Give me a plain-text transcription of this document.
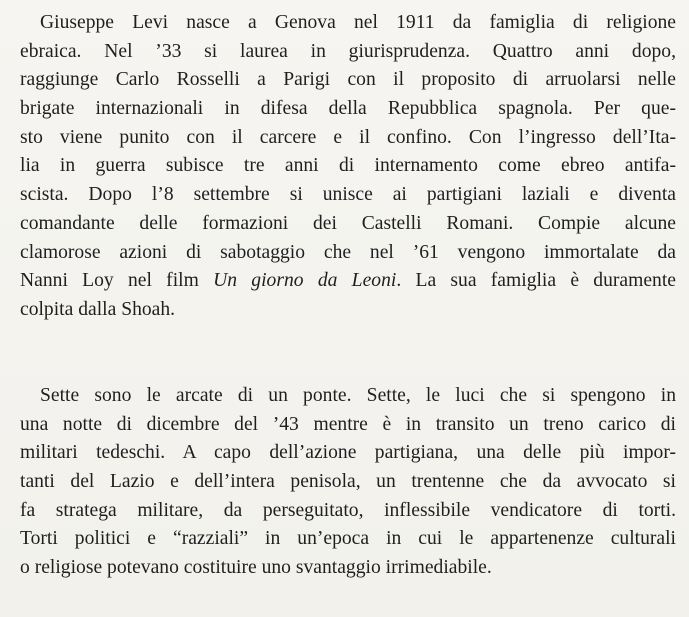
Giuseppe Levi nasce a Genova nel 1911 da famiglia di religione
ebraica. Nel ’33 si laurea in giurisprudenza. Quattro anni dopo,
raggiunge Carlo Rosselli a Parigi con il proposito di arruolarsi nelle
brigate internazionali in difesa della Repubblica spagnola. Per que-
sto viene punito con il carcere e il confino. Con l’ingresso dell’Ita-
lia in guerra subisce tre anni di internamento come ebreo antifa-
scista. Dopo l’8 settembre si unisce ai partigiani laziali e diventa
comandante delle formazioni dei Castelli Romani. Compie alcune
clamorose azioni di sabotaggio che nel ’61 vengono immortalate da
Nanni Loy nel film Un giorno da Leoni. La sua famiglia è duramente
colpita dalla Shoah.
Sette sono le arcate di un ponte. Sette, le luci che si spengono in
una notte di dicembre del ’43 mentre è in transito un treno carico di
militari tedeschi. A capo dell’azione partigiana, una delle più impor-
tanti del Lazio e dell’intera penisola, un trentenne che da avvocato si
fa stratega militare, da perseguitato, inflessibile vendicatore di torti.
Torti politici e “razziali” in un’epoca in cui le appartenenze culturali
o religiose potevano costituire uno svantaggio irrimediabile.
